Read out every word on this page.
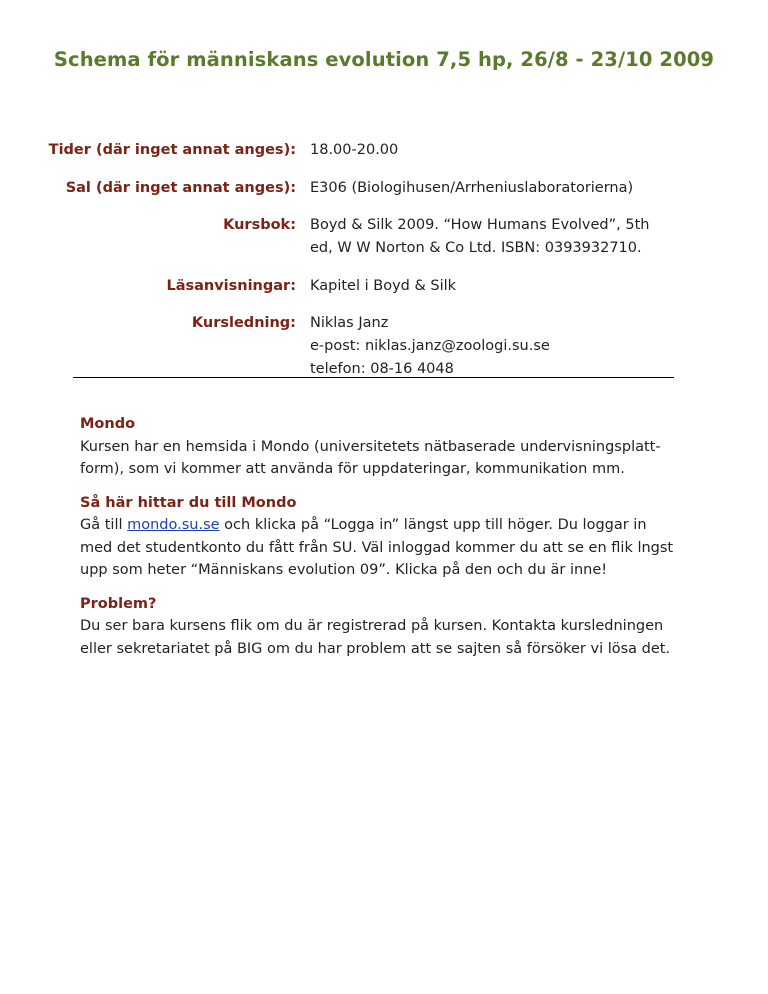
Schema för människans evolution 7,5 hp, 26/8 - 23/10 2009
Tider (där inget annat anges): 18.00-20.00
Sal (där inget annat anges): E306 (Biologihusen/Arrheniuslaboratorierna)
Kursbok: Boyd & Silk 2009. “How Humans Evolved”, 5th
ed, W W Norton & Co Ltd. ISBN: 0393932710.
Läsanvisningar: Kapitel i Boyd & Silk
Kursledning: Niklas Janz
e-post: niklas.janz@zoologi.su.se
telefon: 08-16 4048
Mondo
Kursen har en hemsida i Mondo (universitetets nätbaserade undervisningsplatt-
form), som vi kommer att använda för uppdateringar, kommunikation mm.
Så här hittar du till Mondo
Gå till mondo.su.se och klicka på “Logga in” längst upp till höger. Du loggar in
med det studentkonto du fått från SU. Väl inloggad kommer du att se en flik lngst
upp som heter “Människans evolution 09”. Klicka på den och du är inne!
Problem?
Du ser bara kursens flik om du är registrerad på kursen. Kontakta kursledningen
eller sekretariatet på BIG om du har problem att se sajten så försöker vi lösa det.
